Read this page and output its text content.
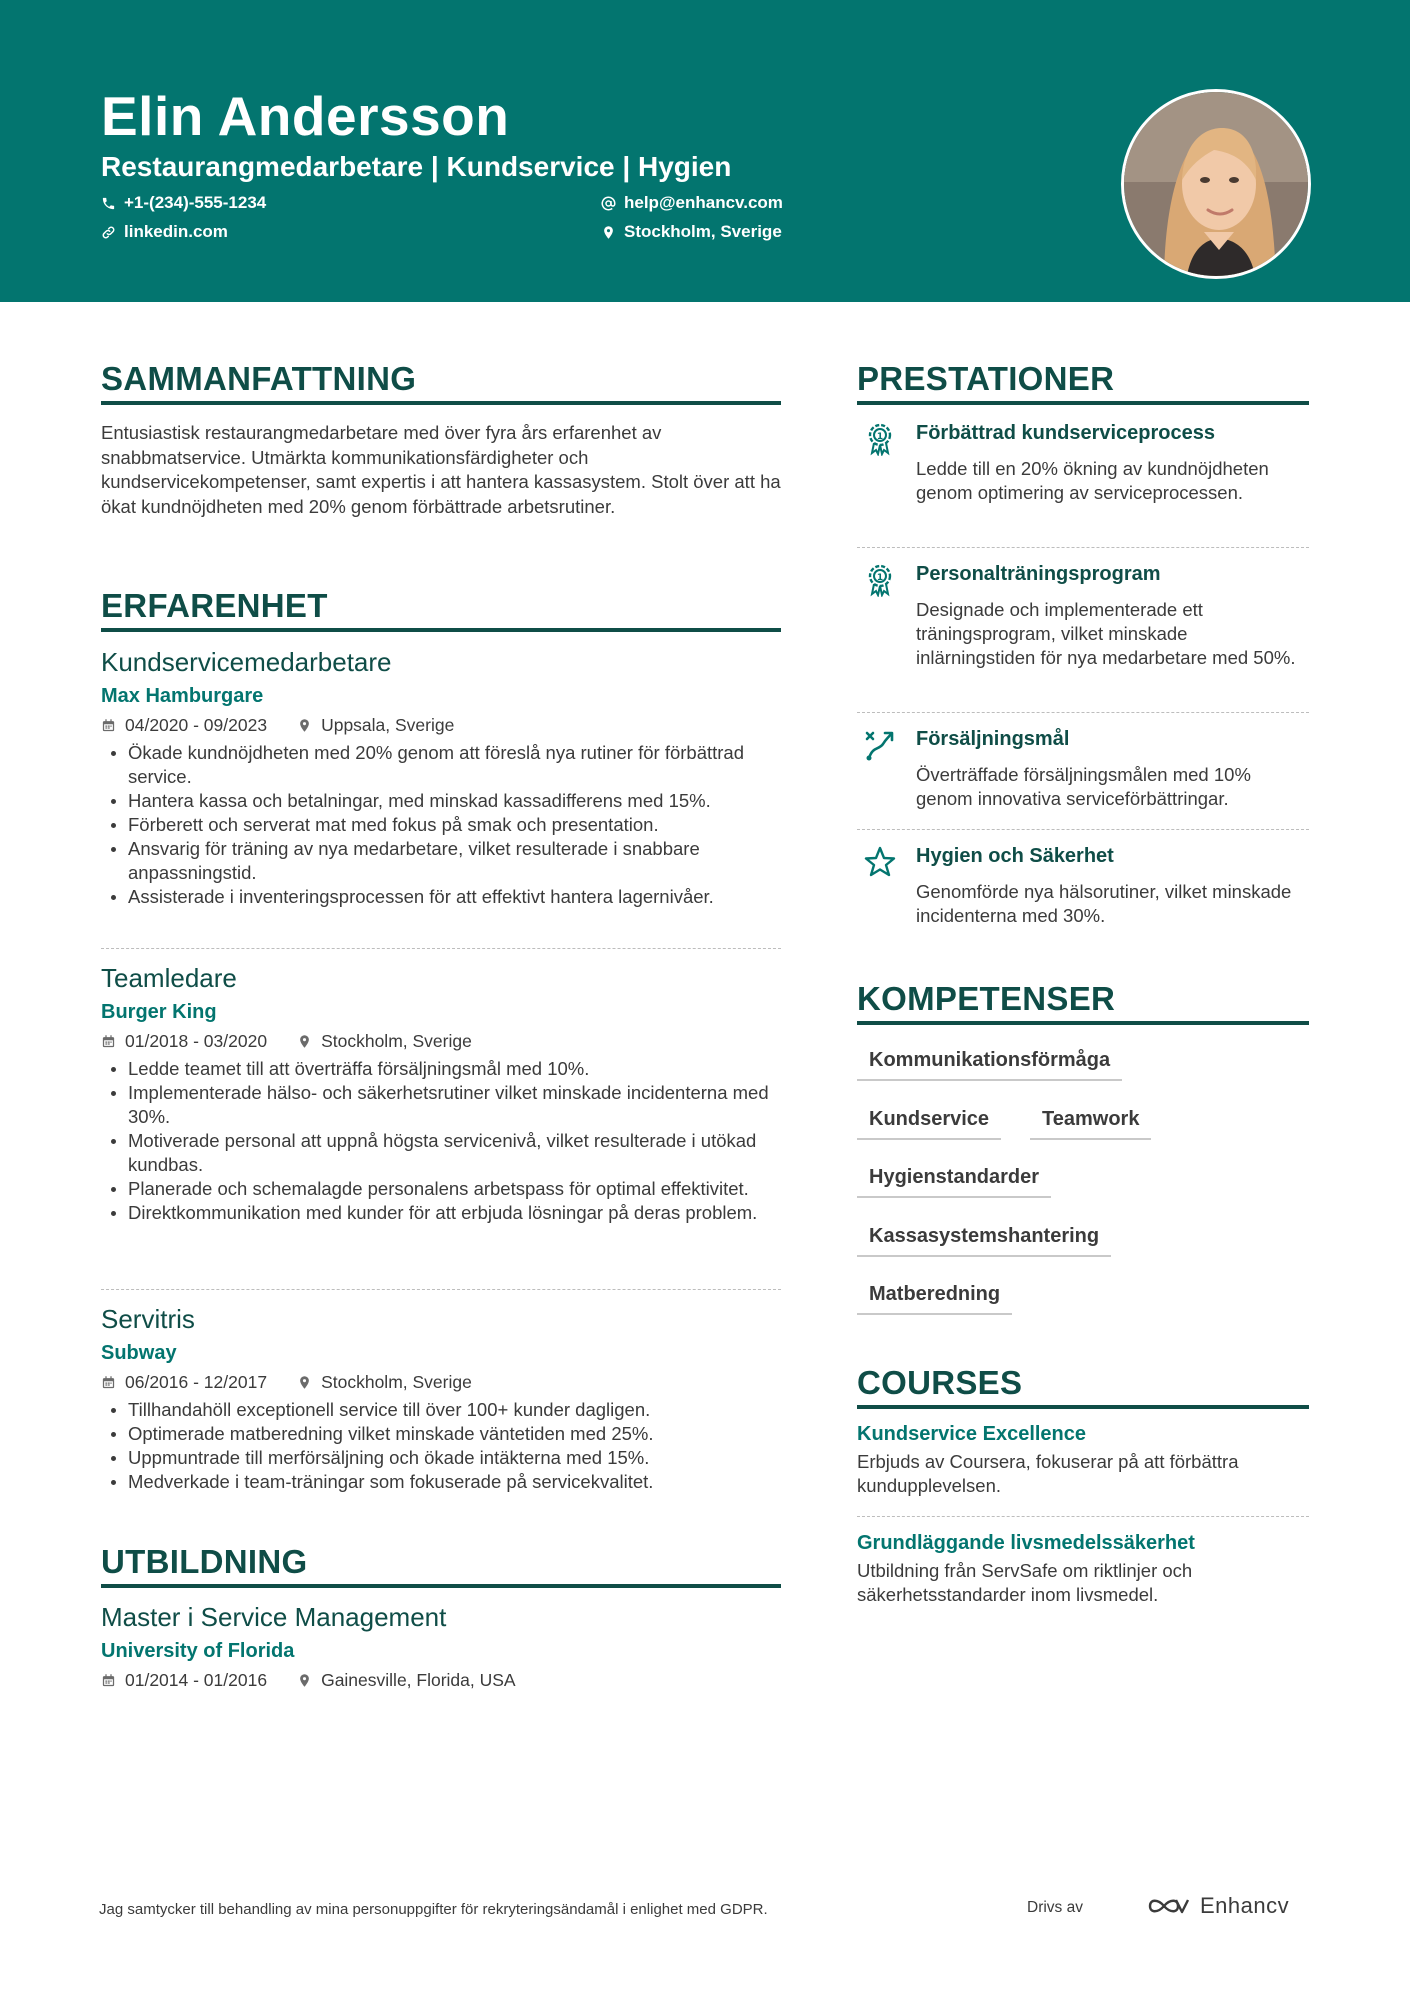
Elin Andersson
Restaurangmedarbetare | Kundservice | Hygien
+1-(234)-555-1234	help@enhancv.com
linkedin.com	Stockholm, Sverige
SAMMANFATTNING
Entusiastisk restaurangmedarbetare med över fyra års erfarenhet av snabbmatservice. Utmärkta kommunikationsfärdigheter och kundservicekompetenser, samt expertis i att hantera kassasystem. Stolt över att ha ökat kundnöjdheten med 20% genom förbättrade arbetsrutiner.
ERFARENHET
Kundservicemedarbetare
Max Hamburgare
04/2020 - 09/2023	Uppsala, Sverige
Ökade kundnöjdheten med 20% genom att föreslå nya rutiner för förbättrad service.
Hantera kassa och betalningar, med minskad kassadifferens med 15%.
Förberett och serverat mat med fokus på smak och presentation.
Ansvarig för träning av nya medarbetare, vilket resulterade i snabbare anpassningstid.
Assisterade i inventeringsprocessen för att effektivt hantera lagernivåer.
Teamledare
Burger King
01/2018 - 03/2020	Stockholm, Sverige
Ledde teamet till att överträffa försäljningsmål med 10%.
Implementerade hälso- och säkerhetsrutiner vilket minskade incidenterna med 30%.
Motiverade personal att uppnå högsta servicenivå, vilket resulterade i utökad kundbas.
Planerade och schemalagde personalens arbetspass för optimal effektivitet.
Direktkommunikation med kunder för att erbjuda lösningar på deras problem.
Servitris
Subway
06/2016 - 12/2017	Stockholm, Sverige
Tillhandahöll exceptionell service till över 100+ kunder dagligen.
Optimerade matberedning vilket minskade väntetiden med 25%.
Uppmuntrade till merförsäljning och ökade intäkterna med 15%.
Medverkade i team-träningar som fokuserade på servicekvalitet.
UTBILDNING
Master i Service Management
University of Florida
01/2014 - 01/2016	Gainesville, Florida, USA
PRESTATIONER
1 Förbättrad kundserviceprocess
Ledde till en 20% ökning av kundnöjdheten genom optimering av serviceprocessen.
1 Personalträningsprogram
Designade och implementerade ett träningsprogram, vilket minskade inlärningstiden för nya medarbetare med 50%.
Försäljningsmål
Överträffade försäljningsmålen med 10% genom innovativa serviceförbättringar.
Hygien och Säkerhet
Genomförde nya hälsorutiner, vilket minskade incidenterna med 30%.
KOMPETENSER
Kommunikationsförmåga
Kundservice	Teamwork
Hygienstandarder
Kassasystemshantering
Matberedning
COURSES
Kundservice Excellence
Erbjuds av Coursera, fokuserar på att förbättra kundupplevelsen.
Grundläggande livsmedelssäkerhet
Utbildning från ServSafe om riktlinjer och säkerhetsstandarder inom livsmedel.
Jag samtycker till behandling av mina personuppgifter för rekryteringsändamål i enlighet med GDPR.	Drivs av	Enhancv
